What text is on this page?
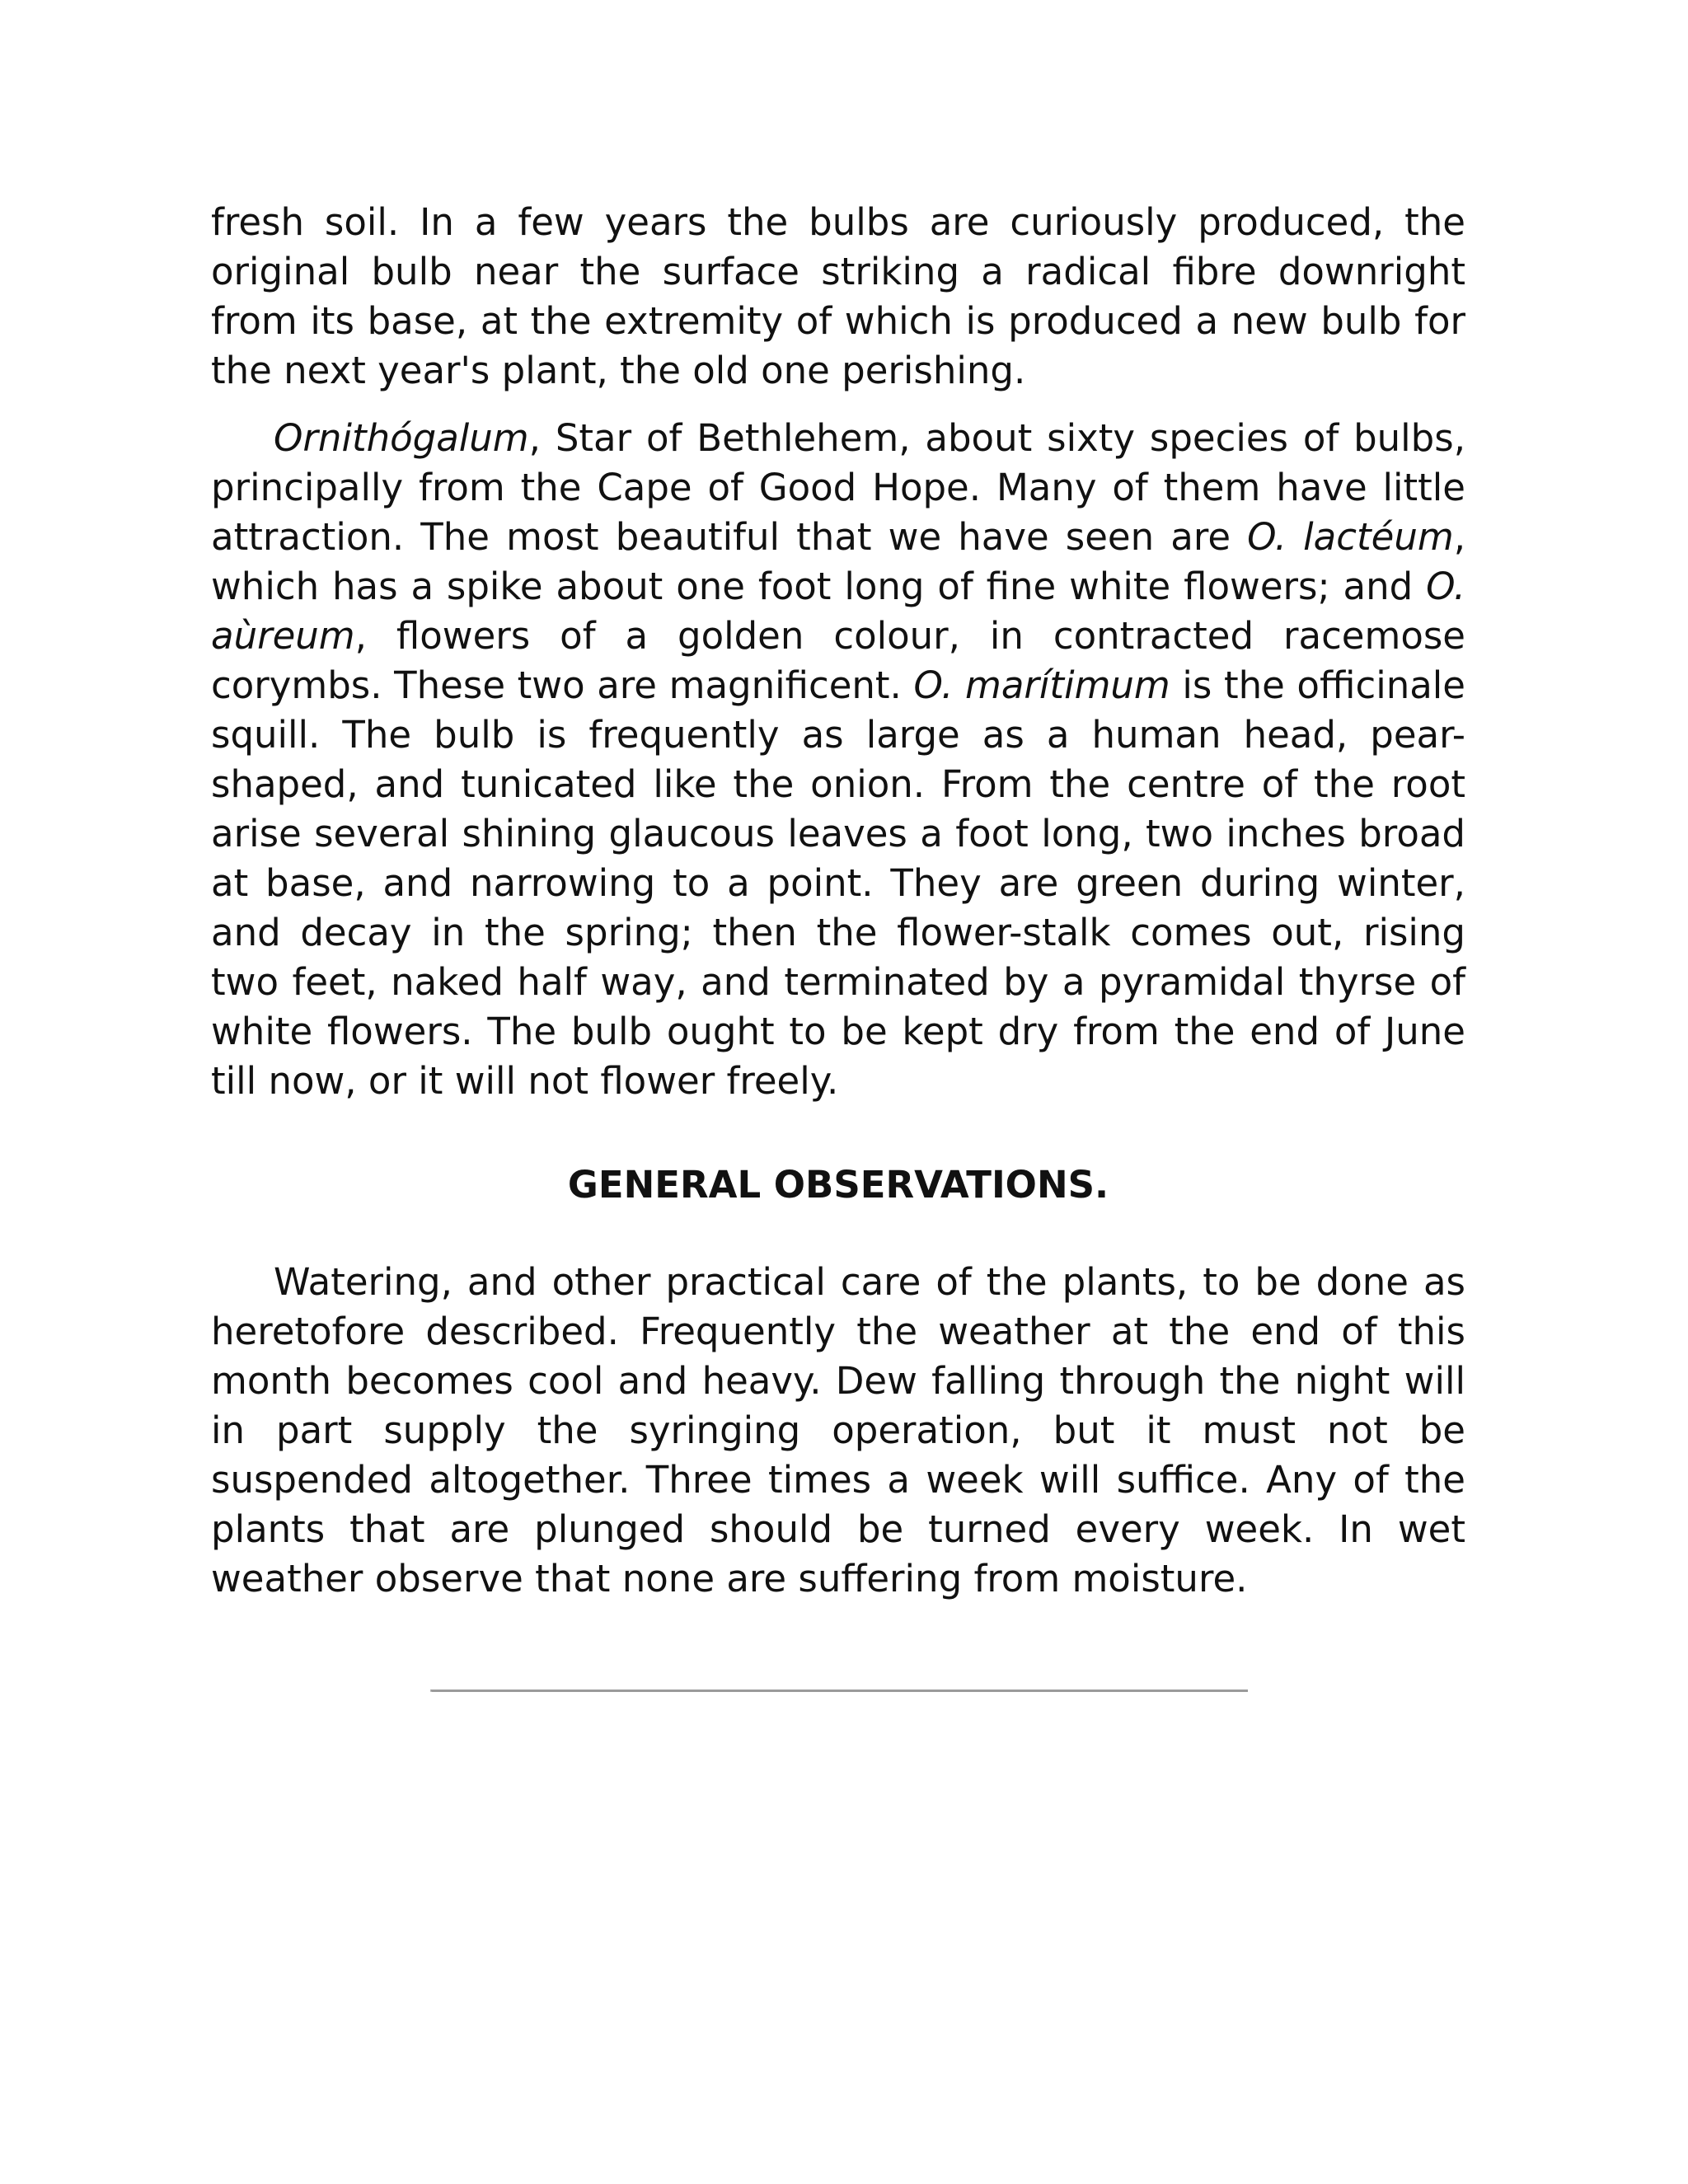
fresh soil. In a few years the bulbs are curiously produced, the original bulb near the surface striking a radical fibre downright from its base, at the extremity of which is produced a new bulb for the next year's plant, the old one perishing.

Ornithógalum, Star of Bethlehem, about sixty species of bulbs, principally from the Cape of Good Hope. Many of them have little attraction. The most beautiful that we have seen are O. lactéum, which has a spike about one foot long of fine white flowers; and O. aùreum, flowers of a golden colour, in contracted racemose corymbs. These two are magnificent. O. marítimum is the officinale squill. The bulb is frequently as large as a human head, pear-shaped, and tunicated like the onion. From the centre of the root arise several shining glaucous leaves a foot long, two inches broad at base, and narrowing to a point. They are green during winter, and decay in the spring; then the flower-stalk comes out, rising two feet, naked half way, and terminated by a pyramidal thyrse of white flowers. The bulb ought to be kept dry from the end of June till now, or it will not flower freely.

GENERAL OBSERVATIONS.

Watering, and other practical care of the plants, to be done as heretofore described. Frequently the weather at the end of this month becomes cool and heavy. Dew falling through the night will in part supply the syringing operation, but it must not be suspended altogether. Three times a week will suffice. Any of the plants that are plunged should be turned every week. In wet weather observe that none are suffering from moisture.
